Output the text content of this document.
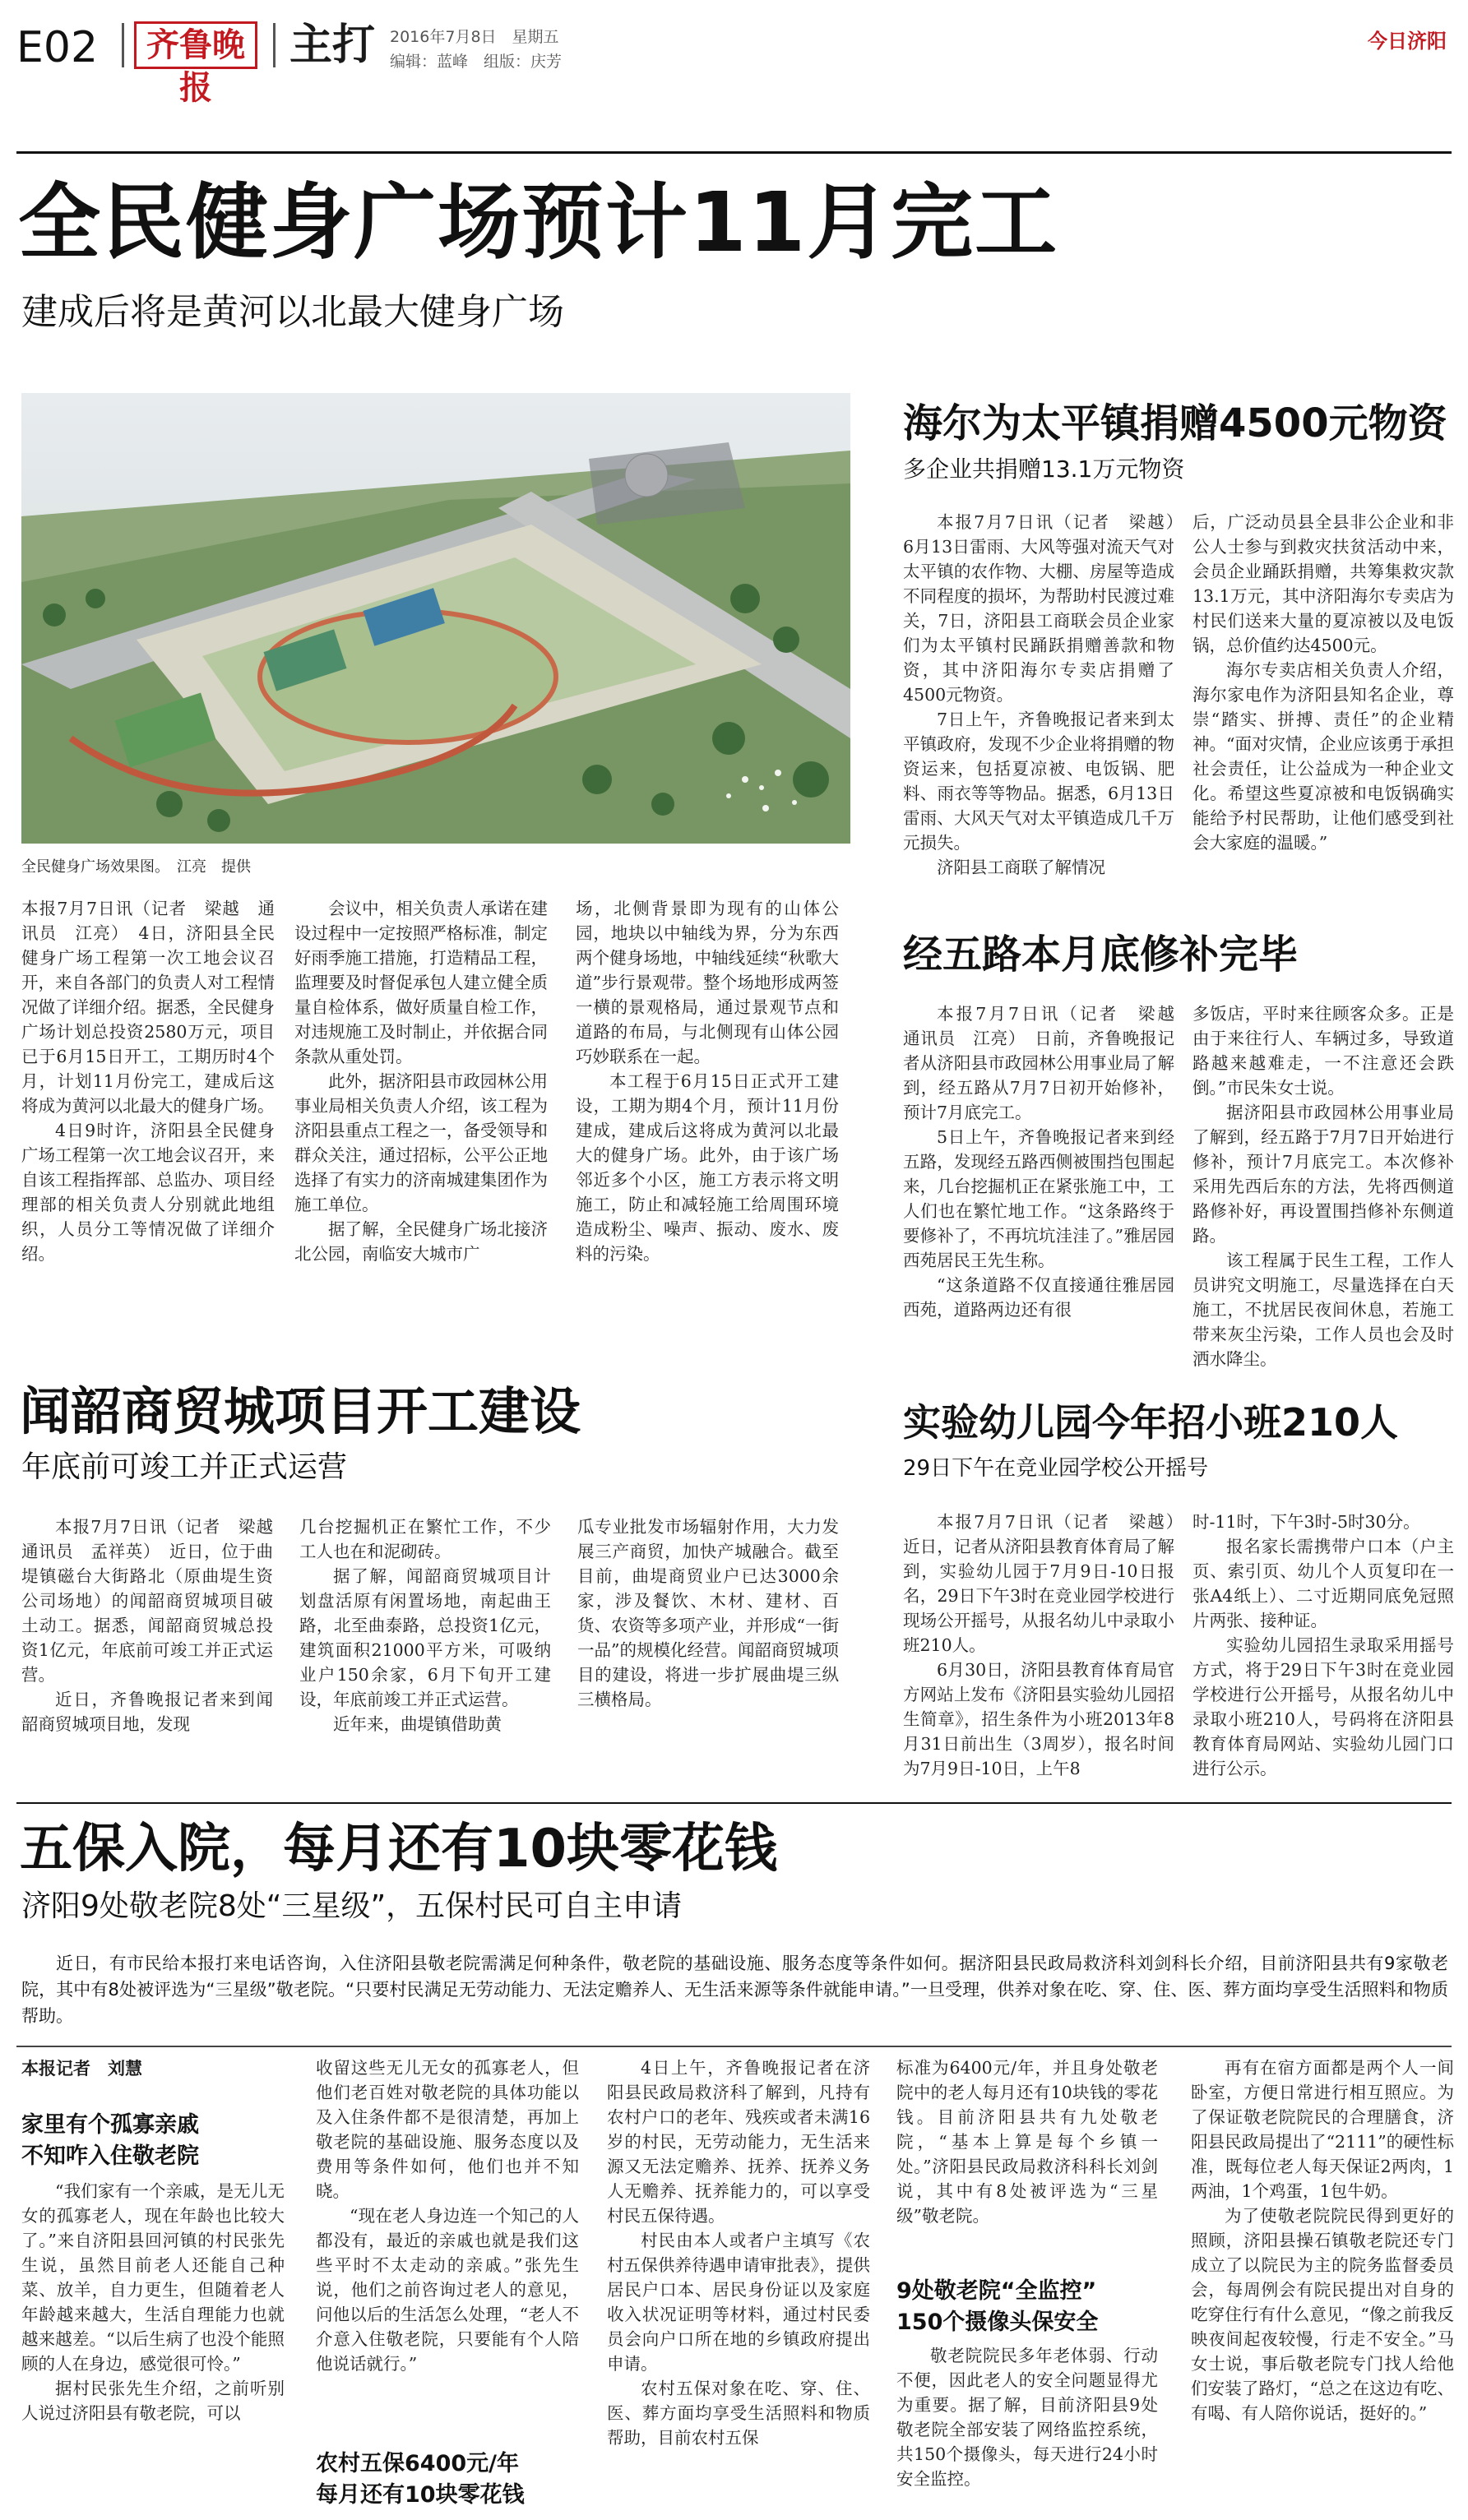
E02	齐鲁晚报
主打 2016年7月8日　星期五
编辑：蓝峰　组版：庆芳
今日济阳
全民健身广场预计11月完工
建成后将是黄河以北最大健身广场
全民健身广场效果图。　江亮　提供

本报7月7日讯（记者　梁越　通讯员　江亮）　4日，济阳县全民健身广场工程第一次工地会议召开，来自各部门的负责人对工程情况做了详细介绍。据悉，全民健身广场计划总投资2580万元，项目已于6月15日开工，工期历时4个月，计划11月份完工，建成后这将成为黄河以北最大的健身广场。

4日9时许，济阳县全民健身广场工程第一次工地会议召开，来自该工程指挥部、总监办、项目经理部的相关负责人分别就此地组织，人员分工等情况做了详细介绍。

会议中，相关负责人承诺在建设过程中一定按照严格标准，制定好雨季施工措施，打造精品工程，监理要及时督促承包人建立健全质量自检体系，做好质量自检工作，对违规施工及时制止，并依据合同条款从重处罚。

此外，据济阳县市政园林公用事业局相关负责人介绍，该工程为济阳县重点工程之一，备受领导和群众关注，通过招标，公平公正地选择了有实力的济南城建集团作为施工单位。

据了解，全民健身广场北接济北公园，南临安大城市广

场，北侧背景即为现有的山体公园，地块以中轴线为界，分为东西两个健身场地，中轴线延续“秋歌大道”步行景观带。整个场地形成两签一横的景观格局，通过景观节点和道路的布局，与北侧现有山体公园巧妙联系在一起。

本工程于6月15日正式开工建设，工期为期4个月，预计11月份建成，建成后这将成为黄河以北最大的健身广场。此外，由于该广场邻近多个小区，施工方表示将文明施工，防止和减轻施工给周围环境造成粉尘、噪声、振动、废水、废料的污染。

海尔为太平镇捐赠4500元物资
多企业共捐赠13.1万元物资

本报7月7日讯（记者　梁越）　6月13日雷雨、大风等强对流天气对太平镇的农作物、大棚、房屋等造成不同程度的损坏，为帮助村民渡过难关，7日，济阳县工商联会员企业家们为太平镇村民踊跃捐赠善款和物资，其中济阳海尔专卖店捐赠了4500元物资。

7日上午，齐鲁晚报记者来到太平镇政府，发现不少企业将捐赠的物资运来，包括夏凉被、电饭锅、肥料、雨衣等等物品。据悉，6月13日雷雨、大风天气对太平镇造成几千万元损失。

济阳县工商联了解情况

后，广泛动员县全县非公企业和非公人士参与到救灾扶贫活动中来，会员企业踊跃捐赠，共筹集救灾款13.1万元，其中济阳海尔专卖店为村民们送来大量的夏凉被以及电饭锅，总价值约达4500元。

海尔专卖店相关负责人介绍，海尔家电作为济阳县知名企业，尊崇“踏实、拼搏、责任”的企业精神。“面对灾情，企业应该勇于承担社会责任，让公益成为一种企业文化。希望这些夏凉被和电饭锅确实能给予村民帮助，让他们感受到社会大家庭的温暖。”

经五路本月底修补完毕

本报7月7日讯（记者　梁越　通讯员　江亮）　日前，齐鲁晚报记者从济阳县市政园林公用事业局了解到，经五路从7月7日初开始修补，预计7月底完工。

5日上午，齐鲁晚报记者来到经五路，发现经五路西侧被围挡包围起来，几台挖掘机正在紧张施工中，工人们也在繁忙地工作。“这条路终于要修补了，不再坑坑洼洼了。”雅居园西苑居民王先生称。

“这条道路不仅直接通往雅居园西苑，道路两边还有很

多饭店，平时来往顾客众多。正是由于来往行人、车辆过多，导致道路越来越难走，一不注意还会跌倒。”市民朱女士说。

据济阳县市政园林公用事业局了解到，经五路于7月7日开始进行修补，预计7月底完工。本次修补采用先西后东的方法，先将西侧道路修补好，再设置围挡修补东侧道路。

该工程属于民生工程，工作人员讲究文明施工，尽量选择在白天施工，不扰居民夜间休息，若施工带来灰尘污染，工作人员也会及时洒水降尘。

闻韶商贸城项目开工建设
年底前可竣工并正式运营

本报7月7日讯（记者　梁越　通讯员　孟祥英）　近日，位于曲堤镇磁台大街路北（原曲堤生资公司场地）的闻韶商贸城项目破土动工。据悉，闻韶商贸城总投资1亿元，年底前可竣工并正式运营。

近日，齐鲁晚报记者来到闻韶商贸城项目地，发现

几台挖掘机正在繁忙工作，不少工人也在和泥砌砖。

据了解，闻韶商贸城项目计划盘活原有闲置场地，南起曲王路，北至曲泰路，总投资1亿元，建筑面积21000平方米，可吸纳业户150余家，6月下旬开工建设，年底前竣工并正式运营。

近年来，曲堤镇借助黄

瓜专业批发市场辐射作用，大力发展三产商贸，加快产城融合。截至目前，曲堤商贸业户已达3000余家，涉及餐饮、木材、建材、百货、农资等多项产业，并形成“一街一品”的规模化经营。闻韶商贸城项目的建设，将进一步扩展曲堤三纵三横格局。

实验幼儿园今年招小班210人
29日下午在竞业园学校公开摇号

本报7月7日讯（记者　梁越）　近日，记者从济阳县教育体育局了解到，实验幼儿园于7月9日-10日报名，29日下午3时在竞业园学校进行现场公开摇号，从报名幼儿中录取小班210人。

6月30日，济阳县教育体育局官方网站上发布《济阳县实验幼儿园招生简章》，招生条件为小班2013年8月31日前出生（3周岁），报名时间为7月9日-10日，上午8

时-11时，下午3时-5时30分。

报名家长需携带户口本（户主页、索引页、幼儿个人页复印在一张A4纸上）、二寸近期同底免冠照片两张、接种证。

实验幼儿园招生录取采用摇号方式，将于29日下午3时在竞业园学校进行公开摇号，从报名幼儿中录取小班210人，号码将在济阳县教育体育局网站、实验幼儿园门口进行公示。

五保入院，每月还有10块零花钱
济阳9处敬老院8处“三星级”，五保村民可自主申请

近日，有市民给本报打来电话咨询，入住济阳县敬老院需满足何种条件，敬老院的基础设施、服务态度等条件如何。据济阳县民政局救济科刘剑科长介绍，目前济阳县共有9家敬老院，其中有8处被评选为“三星级”敬老院。“只要村民满足无劳动能力、无法定赡养人、无生活来源等条件就能申请。”一旦受理，供养对象在吃、穿、住、医、葬方面均享受生活照料和物质帮助。

本报记者　刘慧
家里有个孤寡亲戚
不知咋入住敬老院

“我们家有一个亲戚，是无儿无女的孤寡老人，现在年龄也比较大了。”来自济阳县回河镇的村民张先生说，虽然目前老人还能自己种菜、放羊，自力更生，但随着老人年龄越来越大，生活自理能力也就越来越差。“以后生病了也没个能照顾的人在身边，感觉很可怜。”

据村民张先生介绍，之前听别人说过济阳县有敬老院，可以

收留这些无儿无女的孤寡老人，但他们老百姓对敬老院的具体功能以及入住条件都不是很清楚，再加上敬老院的基础设施、服务态度以及费用等条件如何，他们也并不知晓。

“现在老人身边连一个知己的人都没有，最近的亲戚也就是我们这些平时不太走动的亲戚。”张先生说，他们之前咨询过老人的意见，问他以后的生活怎么处理，“老人不介意入住敬老院，只要能有个人陪他说话就行。”

农村五保6400元/年
每月还有10块零花钱

4日上午，齐鲁晚报记者在济阳县民政局救济科了解到，凡持有农村户口的老年、残疾或者未满16岁的村民，无劳动能力，无生活来源又无法定赡养、抚养、抚养义务人无赡养、抚养能力的，可以享受村民五保待遇。

村民由本人或者户主填写《农村五保供养待遇申请审批表》，提供居民户口本、居民身份证以及家庭收入状况证明等材料，通过村民委员会向户口所在地的乡镇政府提出申请。

农村五保对象在吃、穿、住、医、葬方面均享受生活照料和物质帮助，目前农村五保

标准为6400元/年，并且身处敬老院中的老人每月还有10块钱的零花钱。目前济阳县共有九处敬老院，“基本上算是每个乡镇一处。”济阳县民政局救济科科长刘剑说，其中有8处被评选为“三星级”敬老院。

9处敬老院“全监控”
150个摄像头保安全

敬老院院民多年老体弱、行动不便，因此老人的安全问题显得尤为重要。据了解，目前济阳县9处敬老院全部安装了网络监控系统，共150个摄像头，每天进行24小时安全监控。

再有在宿方面都是两个人一间卧室，方便日常进行相互照应。为了保证敬老院院民的合理膳食，济阳县民政局提出了“2111”的硬性标准，既每位老人每天保证2两肉，1两油，1个鸡蛋，1包牛奶。

为了使敬老院院民得到更好的照顾，济阳县操石镇敬老院还专门成立了以院民为主的院务监督委员会，每周例会有院民提出对自身的吃穿住行有什么意见，“像之前我反映夜间起夜较慢，行走不安全。”马女士说，事后敬老院专门找人给他们安装了路灯，“总之在这边有吃、有喝、有人陪你说话，挺好的。”
